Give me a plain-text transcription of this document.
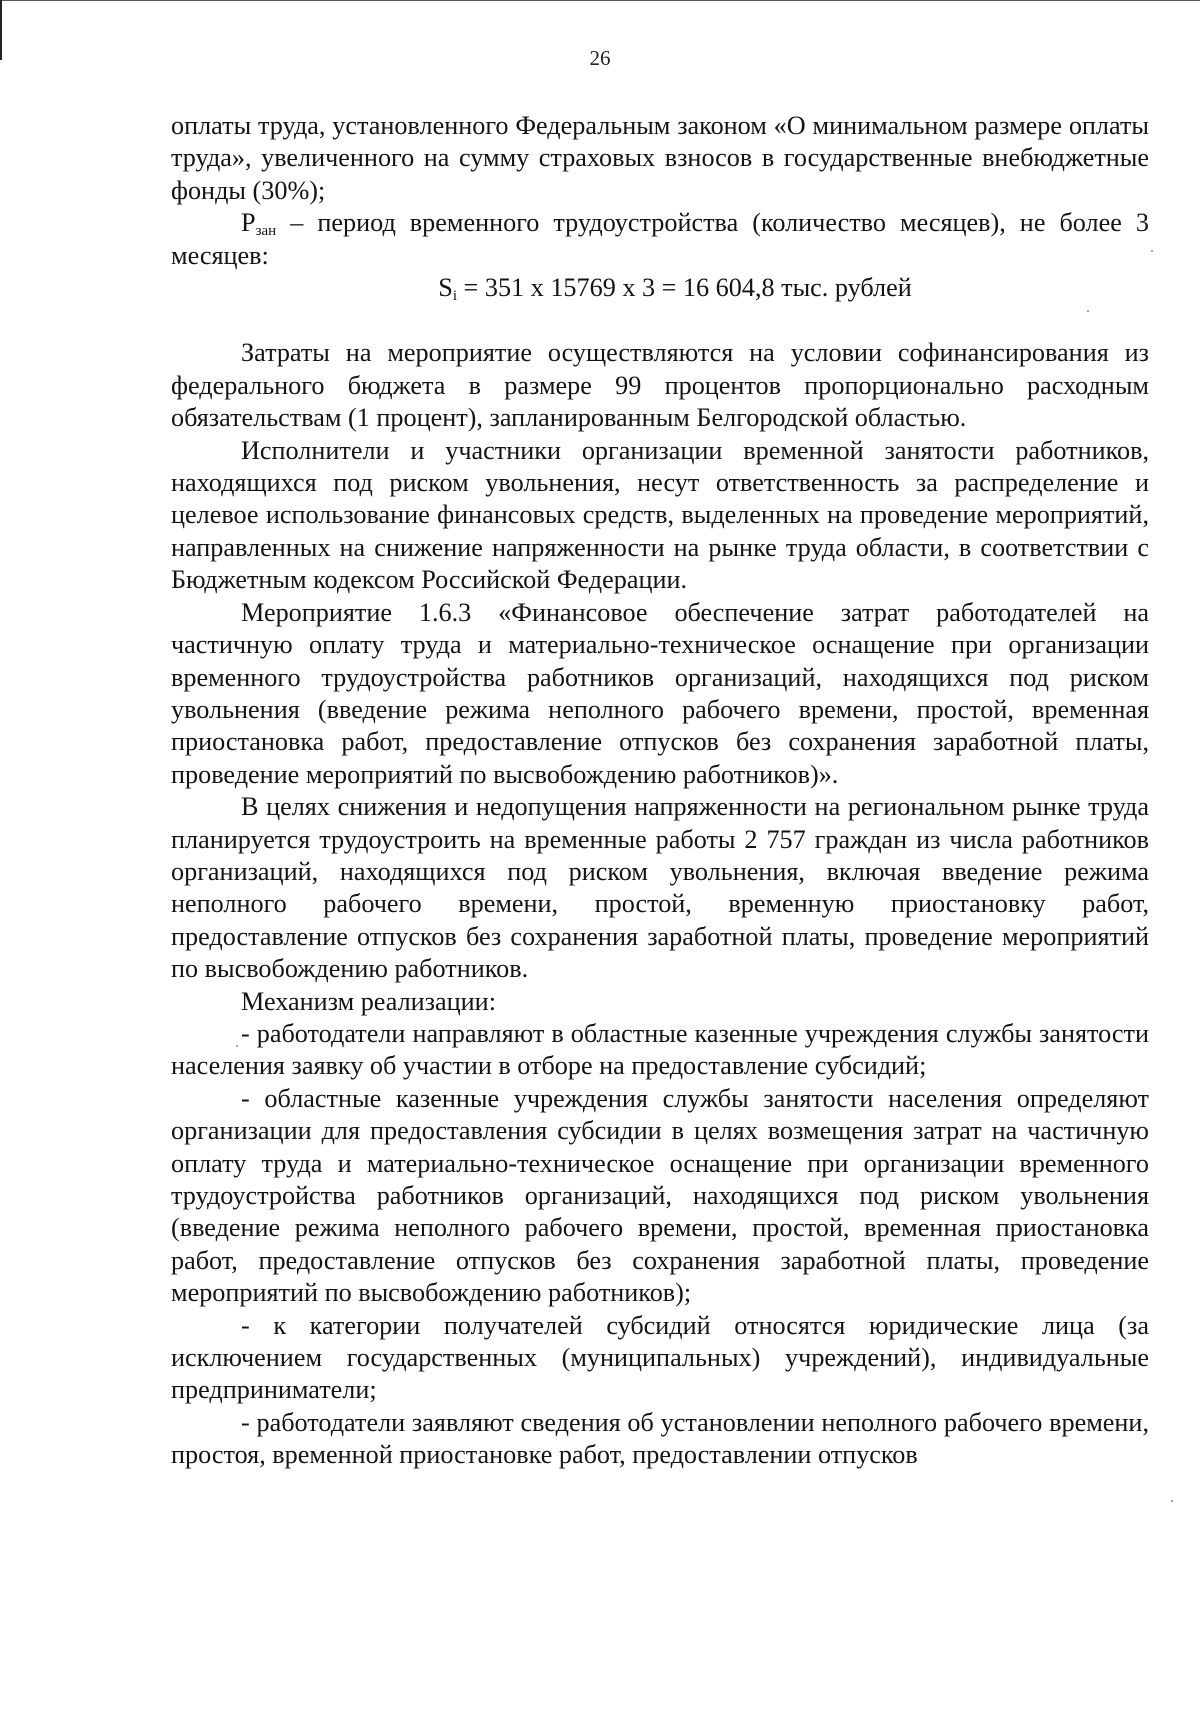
26

оплаты труда, установленного Федеральным законом «О минимальном размере оплаты труда», увеличенного на сумму страховых взносов в государственные внебюджетные фонды (30%);

$Р_{зан}$ – период временного трудоустройства (количество месяцев), не более 3 месяцев:

$S_i = 351$ х 15769 х 3 = 16 604,8 тыс. рублей

Затраты на мероприятие осуществляются на условии софинансирования из федерального бюджета в размере 99 процентов пропорционально расходным обязательствам (1 процент), запланированным Белгородской областью.

Исполнители и участники организации временной занятости работников, находящихся под риском увольнения, несут ответственность за распределение и целевое использование финансовых средств, выделенных на проведение мероприятий, направленных на снижение напряженности на рынке труда области, в соответствии с Бюджетным кодексом Российской Федерации.

Мероприятие 1.6.3 «Финансовое обеспечение затрат работодателей на частичную оплату труда и материально-техническое оснащение при организации временного трудоустройства работников организаций, находящихся под риском увольнения (введение режима неполного рабочего времени, простой, временная приостановка работ, предоставление отпусков без сохранения заработной платы, проведение мероприятий по высвобождению работников)».

В целях снижения и недопущения напряженности на региональном рынке труда планируется трудоустроить на временные работы 2 757 граждан из числа работников организаций, находящихся под риском увольнения, включая введение режима неполного рабочего времени, простой, временную приостановку работ, предоставление отпусков без сохранения заработной платы, проведение мероприятий по высвобождению работников.

Механизм реализации:

- работодатели направляют в областные казенные учреждения службы занятости населения заявку об участии в отборе на предоставление субсидий;

- областные казенные учреждения службы занятости населения определяют организации для предоставления субсидии в целях возмещения затрат на частичную оплату труда и материально-техническое оснащение при организации временного трудоустройства работников организаций, находящихся под риском увольнения (введение режима неполного рабочего времени, простой, временная приостановка работ, предоставление отпусков без сохранения заработной платы, проведение мероприятий по высвобождению работников);

- к категории получателей субсидий относятся юридические лица (за исключением государственных (муниципальных) учреждений), индивидуальные предприниматели;

- работодатели заявляют сведения об установлении неполного рабочего времени, простоя, временной приостановке работ, предоставлении отпусков
